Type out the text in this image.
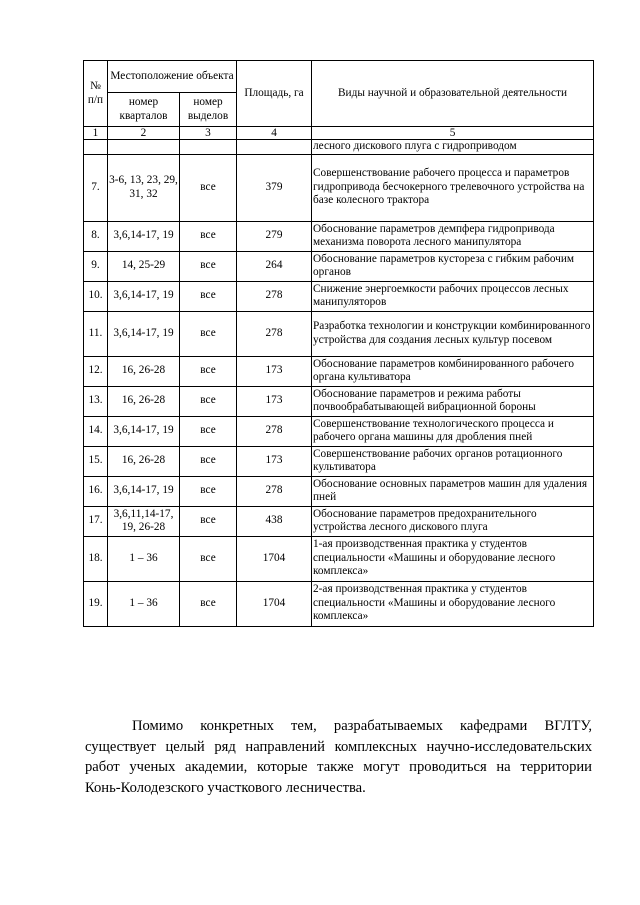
№ п/п	Местоположение объекта		Площадь, га	Виды научной и образовательной деятельности
	номер кварталов	номер выделов		
1	2	3	4	5
				лесного дискового плуга с гидроприводом
7.	3-6, 13, 23, 29, 31, 32	все	379	Совершенствование рабочего процесса и параметров гидропривода бесчокерного трелевочного устройства на базе колесного трактора
8.	3,6,14-17, 19	все	279	Обоснование параметров демпфера гидропривода механизма поворота лесного манипулятора
9.	14, 25-29	все	264	Обоснование параметров кустореза с гибким рабочим органов
10.	3,6,14-17, 19	все	278	Снижение энергоемкости рабочих процессов лесных манипуляторов
11.	3,6,14-17, 19	все	278	Разработка технологии и конструкции комбинированного устройства для создания лесных культур посевом
12.	16, 26-28	все	173	Обоснование параметров комбинированного рабочего органа культиватора
13.	16, 26-28	все	173	Обоснование параметров и режима работы почвообрабатывающей вибрационной бороны
14.	3,6,14-17, 19	все	278	Совершенствование технологического процесса и рабочего органа машины для дробления пней
15.	16, 26-28	все	173	Совершенствование рабочих органов ротационного культиватора
16.	3,6,14-17, 19	все	278	Обоснование основных параметров машин для удаления пней
17.	3,6,11,14-17, 19, 26-28	все	438	Обоснование параметров предохранительного устройства лесного дискового плуга
18.	1 – 36	все	1704	1-ая производственная практика у студентов специальности «Машины и оборудование лесного комплекса»
19.	1 – 36	все	1704	2-ая производственная практика у студентов специальности «Машины и оборудование лесного комплекса»

Помимо конкретных тем, разрабатываемых кафедрами ВГЛТУ,
существует целый ряд направлений комплексных научно-исследовательских
работ ученых академии, которые также могут проводиться на территории
Конь-Колодезского участкового лесничества.
